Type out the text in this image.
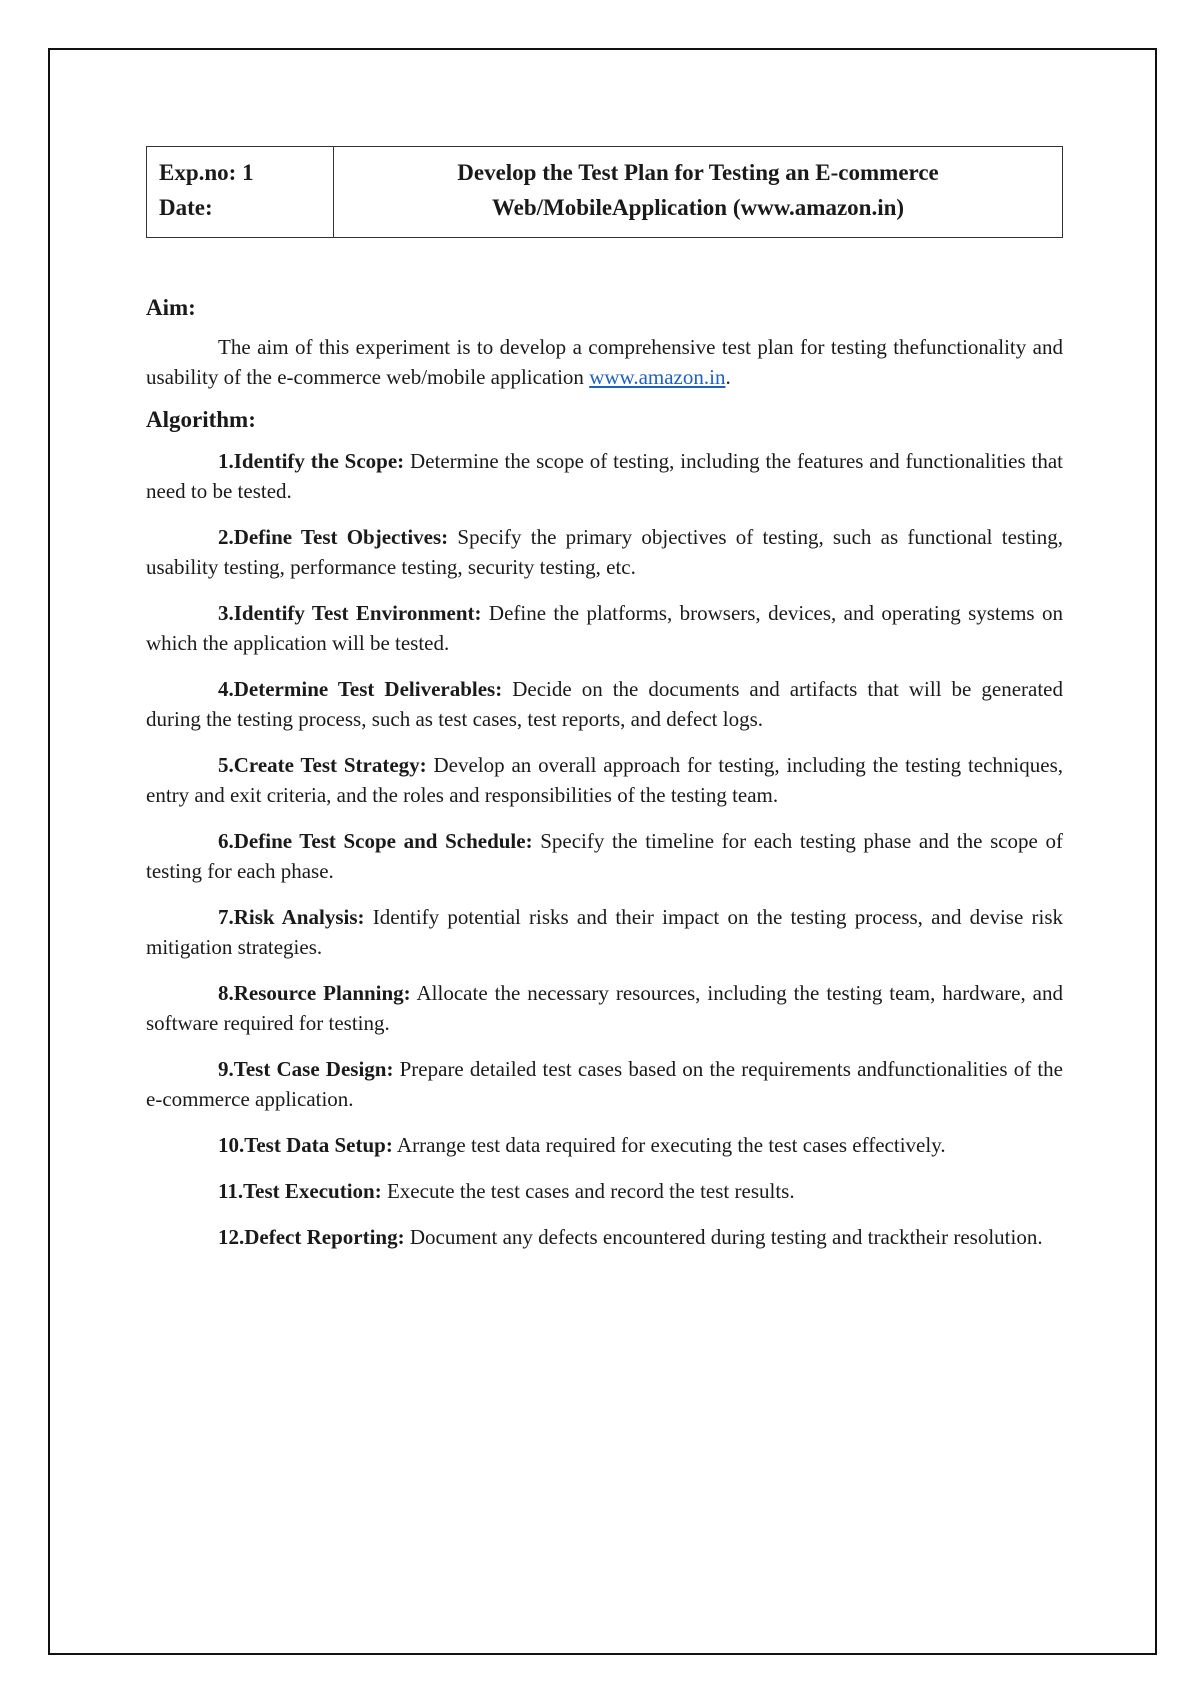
Exp.no: 1
Date:

Develop the Test Plan for Testing an E-commerce
Web/MobileApplication (www.amazon.in)
Aim:

The aim of this experiment is to develop a comprehensive test plan for testing thefunctionality and usability of the e-commerce web/mobile application www.amazon.in.

Algorithm:

1.Identify the Scope: Determine the scope of testing, including the features and functionalities that need to be tested.

2.Define Test Objectives: Specify the primary objectives of testing, such as functional testing, usability testing, performance testing, security testing, etc.

3.Identify Test Environment: Define the platforms, browsers, devices, and operating systems on which the application will be tested.

4.Determine Test Deliverables: Decide on the documents and artifacts that will be generated during the testing process, such as test cases, test reports, and defect logs.

5.Create Test Strategy: Develop an overall approach for testing, including the testing techniques, entry and exit criteria, and the roles and responsibilities of the testing team.

6.Define Test Scope and Schedule: Specify the timeline for each testing phase and the scope of testing for each phase.

7.Risk Analysis: Identify potential risks and their impact on the testing process, and devise risk mitigation strategies.

8.Resource Planning: Allocate the necessary resources, including the testing team, hardware, and software required for testing.

9.Test Case Design: Prepare detailed test cases based on the requirements andfunctionalities of the e-commerce application.

10.Test Data Setup: Arrange test data required for executing the test cases effectively.

11.Test Execution: Execute the test cases and record the test results.

12.Defect Reporting: Document any defects encountered during testing and trackthe​ir resolution.
